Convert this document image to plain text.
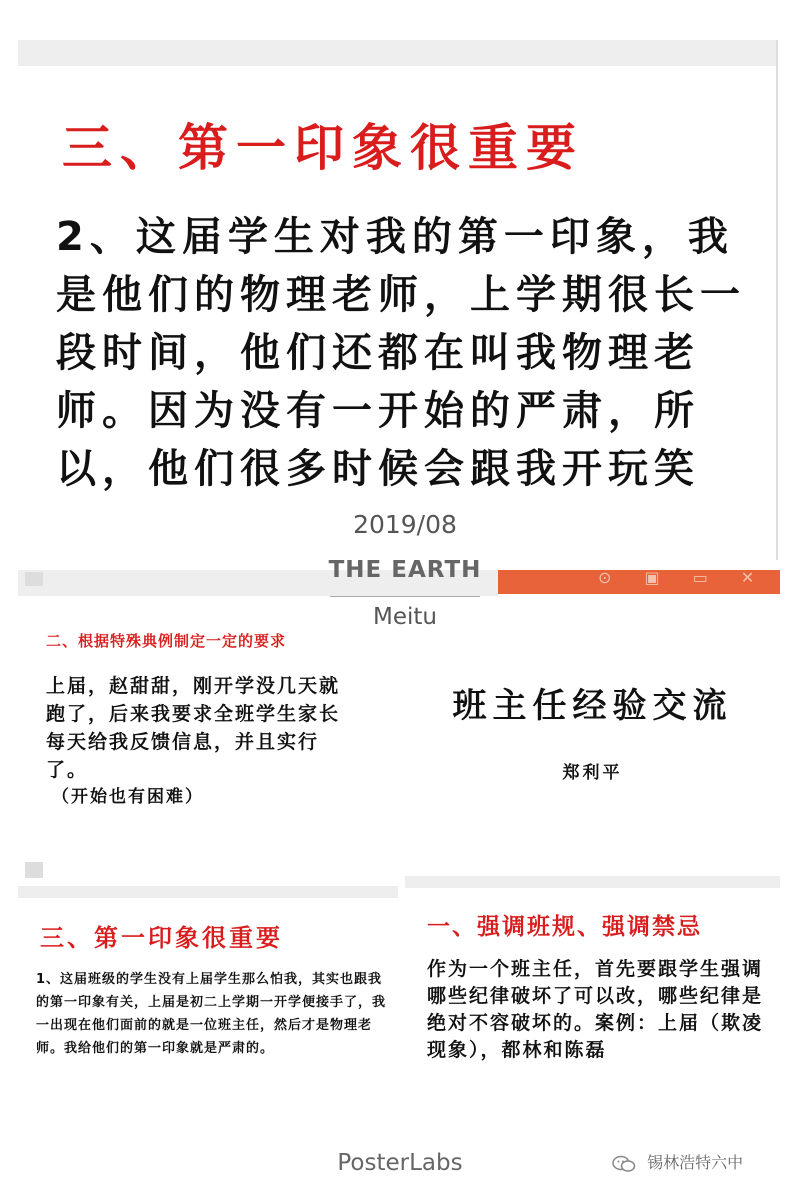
三、第一印象很重要
2、这届学生对我的第一印象，我是他们的物理老师，上学期很长一段时间，他们还都在叫我物理老师。因为没有一开始的严肃，所以，他们很多时候会跟我开玩笑
二、根据特殊典例制定一定的要求
上届，赵甜甜，刚开学没几天就跑了，后来我要求全班学生家长每天给我反馈信息，并且实行了。
（开始也有困难）
⊙ ▣ ▭ ✕
班主任经验交流
郑利平
2019/08
THE EARTH
Meitu
三、第一印象很重要
1、这届班级的学生没有上届学生那么怕我，其实也跟我的第一印象有关，上届是初二上学期一开学便接手了，我一出现在他们面前的就是一位班主任，然后才是物理老师。我给他们的第一印象就是严肃的。
一、强调班规、强调禁忌
作为一个班主任，首先要跟学生强调哪些纪律破坏了可以改，哪些纪律是绝对不容破坏的。案例：上届（欺凌现象），都林和陈磊
PosterLabs	锡林浩特六中
